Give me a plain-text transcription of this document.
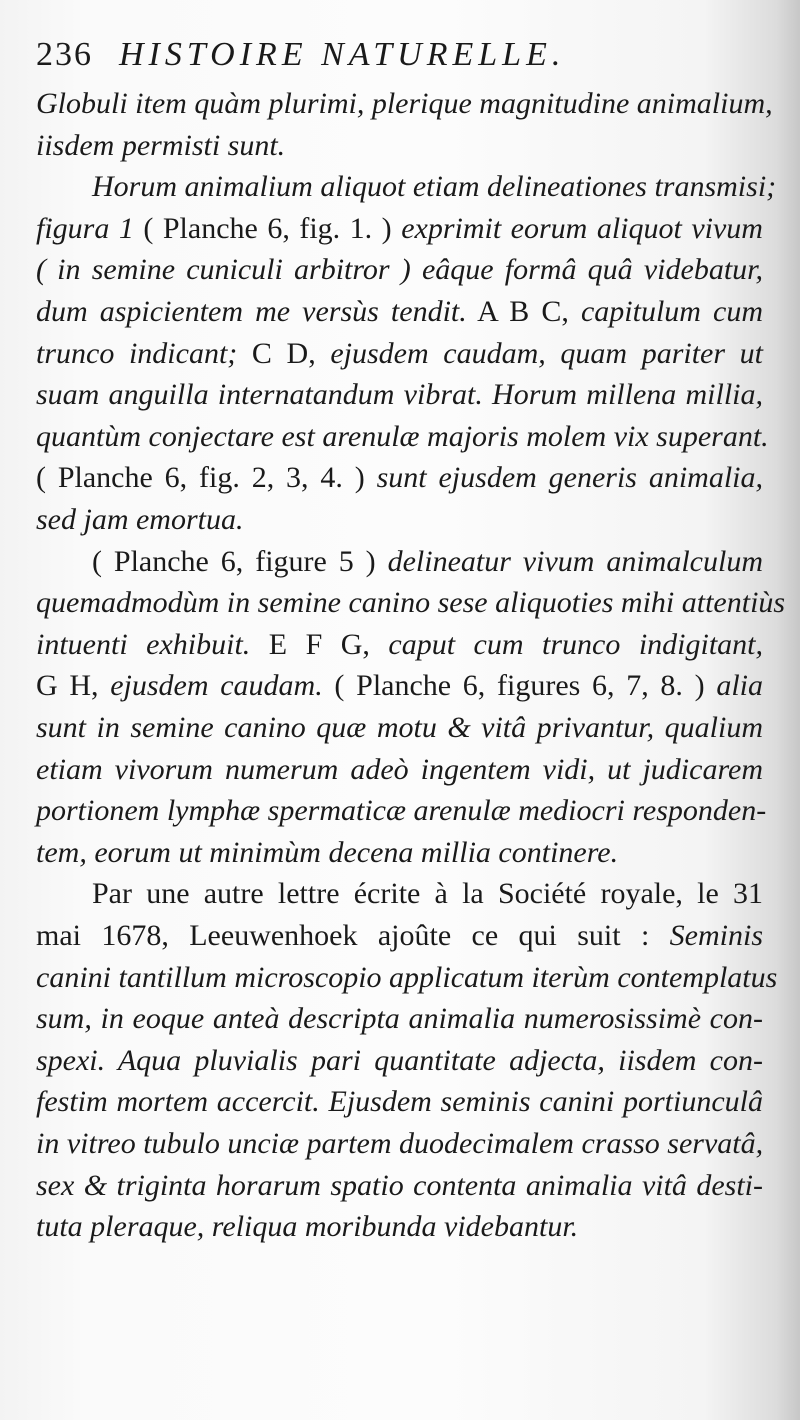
236 HISTOIRE NATURELLE.
Globuli item quàm plurimi, plerique magnitudine animalium,
iisdem permisti sunt.
Horum animalium aliquot etiam delineationes transmisi;
figura 1 ( Planche 6, fig. 1. ) exprimit eorum aliquot vivum
( in semine cuniculi arbitror ) eâque formâ quâ videbatur,
dum aspicientem me versùs tendit. A B C, capitulum cum
trunco indicant; C D, ejusdem caudam, quam pariter ut
suam anguilla internatandum vibrat. Horum millena millia,
quantùm conjectare est arenulæ majoris molem vix superant.
( Planche 6, fig. 2, 3, 4. ) sunt ejusdem generis animalia,
sed jam emortua.
( Planche 6, figure 5 ) delineatur vivum animalculum
quemadmodùm in semine canino sese aliquoties mihi attentiùs
intuenti exhibuit. E F G, caput cum trunco indigitant,
G H, ejusdem caudam. ( Planche 6, figures 6, 7, 8. ) alia
sunt in semine canino quæ motu & vitâ privantur, qualium
etiam vivorum numerum adeò ingentem vidi, ut judicarem
portionem lymphæ spermaticæ arenulæ mediocri responden-
tem, eorum ut minimùm decena millia continere.
Par une autre lettre écrite à la Société royale, le 31
mai 1678, Leeuwenhoek ajoûte ce qui suit : Seminis
canini tantillum microscopio applicatum iterùm contemplatus
sum, in eoque anteà descripta animalia numerosissimè con-
spexi. Aqua pluvialis pari quantitate adjecta, iisdem con-
festim mortem accercit. Ejusdem seminis canini portiunculâ
in vitreo tubulo unciæ partem duodecimalem crasso servatâ,
sex & triginta horarum spatio contenta animalia vitâ desti-
tuta pleraque, reliqua moribunda videbantur.
